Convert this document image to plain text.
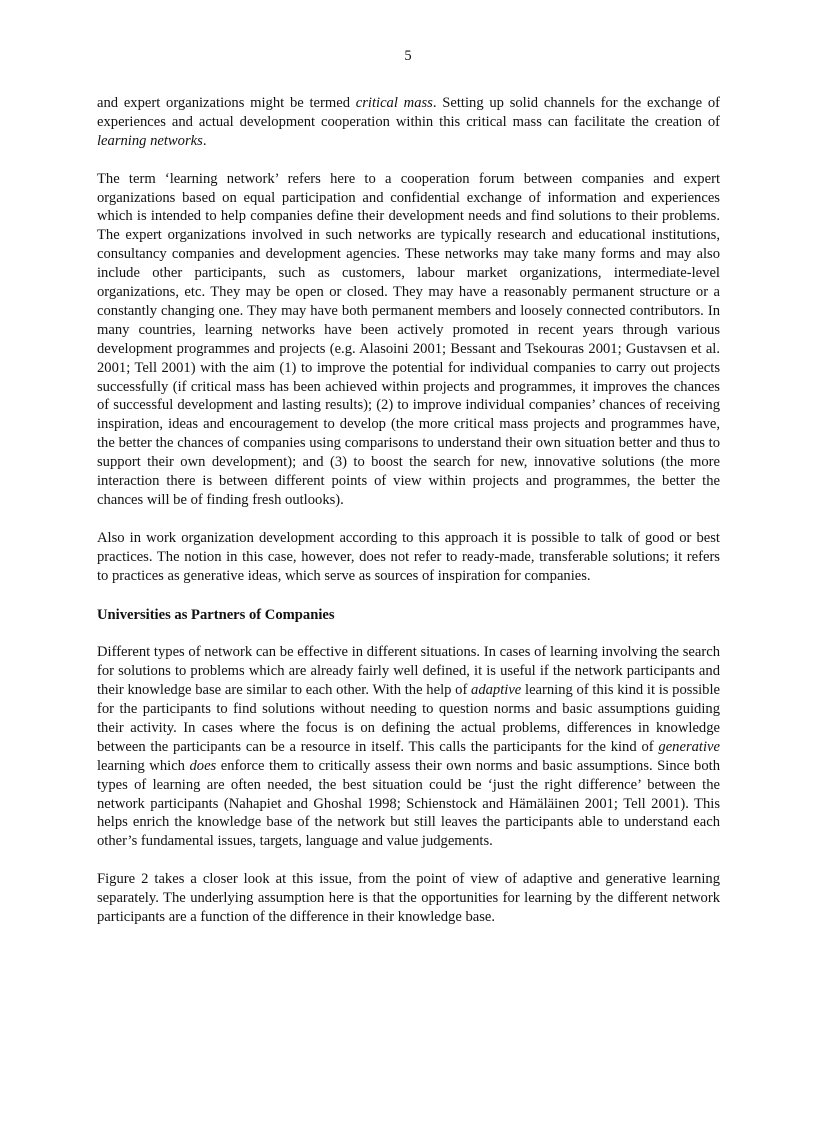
5

and expert organizations might be termed critical mass. Setting up solid channels for the exchange of experiences and actual development cooperation within this critical mass can facilitate the creation of learning networks.

The term ‘learning network’ refers here to a cooperation forum between companies and expert organizations based on equal participation and confidential exchange of information and experiences which is intended to help companies define their development needs and find solutions to their problems. The expert organizations involved in such networks are typically research and educational institutions, consultancy companies and development agencies. These networks may take many forms and may also include other participants, such as customers, labour market organizations, intermediate-level organizations, etc. They may be open or closed. They may have a reasonably permanent structure or a constantly changing one. They may have both permanent members and loosely connected contributors. In many countries, learning networks have been actively promoted in recent years through various development programmes and projects (e.g. Alasoini 2001; Bessant and Tsekouras 2001; Gustavsen et al. 2001; Tell 2001) with the aim (1) to improve the potential for individual companies to carry out projects successfully (if critical mass has been achieved within projects and programmes, it improves the chances of successful development and lasting results); (2) to improve individual companies’ chances of receiving inspiration, ideas and encouragement to develop (the more critical mass projects and programmes have, the better the chances of companies using comparisons to understand their own situation better and thus to support their own development); and (3) to boost the search for new, innovative solutions (the more interaction there is between different points of view within projects and programmes, the better the chances will be of finding fresh outlooks).

Also in work organization development according to this approach it is possible to talk of good or best practices. The notion in this case, however, does not refer to ready-made, transferable solutions; it refers to practices as generative ideas, which serve as sources of inspiration for companies.

Universities as Partners of Companies

Different types of network can be effective in different situations. In cases of learning involving the search for solutions to problems which are already fairly well defined, it is useful if the network participants and their knowledge base are similar to each other. With the help of adaptive learning of this kind it is possible for the participants to find solutions without needing to question norms and basic assumptions guiding their activity. In cases where the focus is on defining the actual problems, differences in knowledge between the participants can be a resource in itself. This calls the participants for the kind of generative learning which does enforce them to critically assess their own norms and basic assumptions. Since both types of learning are often needed, the best situation could be ‘just the right difference’ between the network participants (Nahapiet and Ghoshal 1998; Schienstock and Hämäläinen 2001; Tell 2001). This helps enrich the knowledge base of the network but still leaves the participants able to understand each other’s fundamental issues, targets, language and value judgements.

Figure 2 takes a closer look at this issue, from the point of view of adaptive and generative learning separately. The underlying assumption here is that the opportunities for learning by the different network participants are a function of the difference in their knowledge base.
